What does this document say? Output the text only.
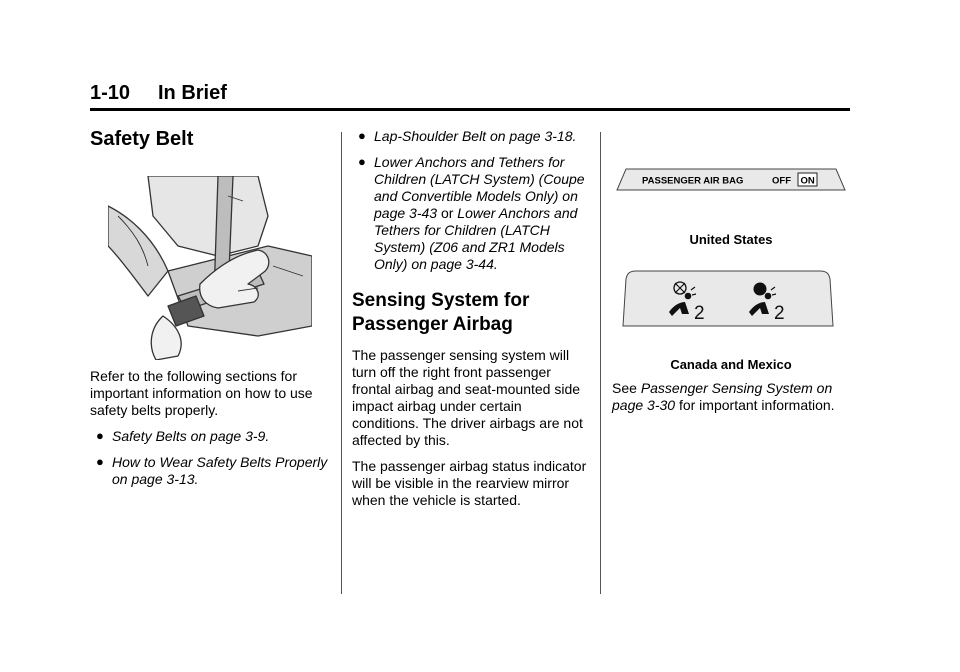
1-10 In Brief
Safety Belt

Refer to the following sections for important information on how to use safety belts properly.

● Safety Belts on page 3-9.
● How to Wear Safety Belts Properly on page 3-13.
● Lap-Shoulder Belt on page 3-18.
● Lower Anchors and Tethers for Children (LATCH System) (Coupe and Convertible Models Only) on page 3-43 or Lower Anchors and Tethers for Children (LATCH System) (Z06 and ZR1 Models Only) on page 3-44.
Sensing System for Passenger Airbag

The passenger sensing system will turn off the right front passenger frontal airbag and seat-mounted side impact airbag under certain conditions. The driver airbags are not affected by this.

The passenger airbag status indicator will be visible in the rearview mirror when the vehicle is started.

PASSENGER AIR BAG	OFF ON
United States
2	2
Canada and Mexico

See Passenger Sensing System on page 3-30 for important information.
